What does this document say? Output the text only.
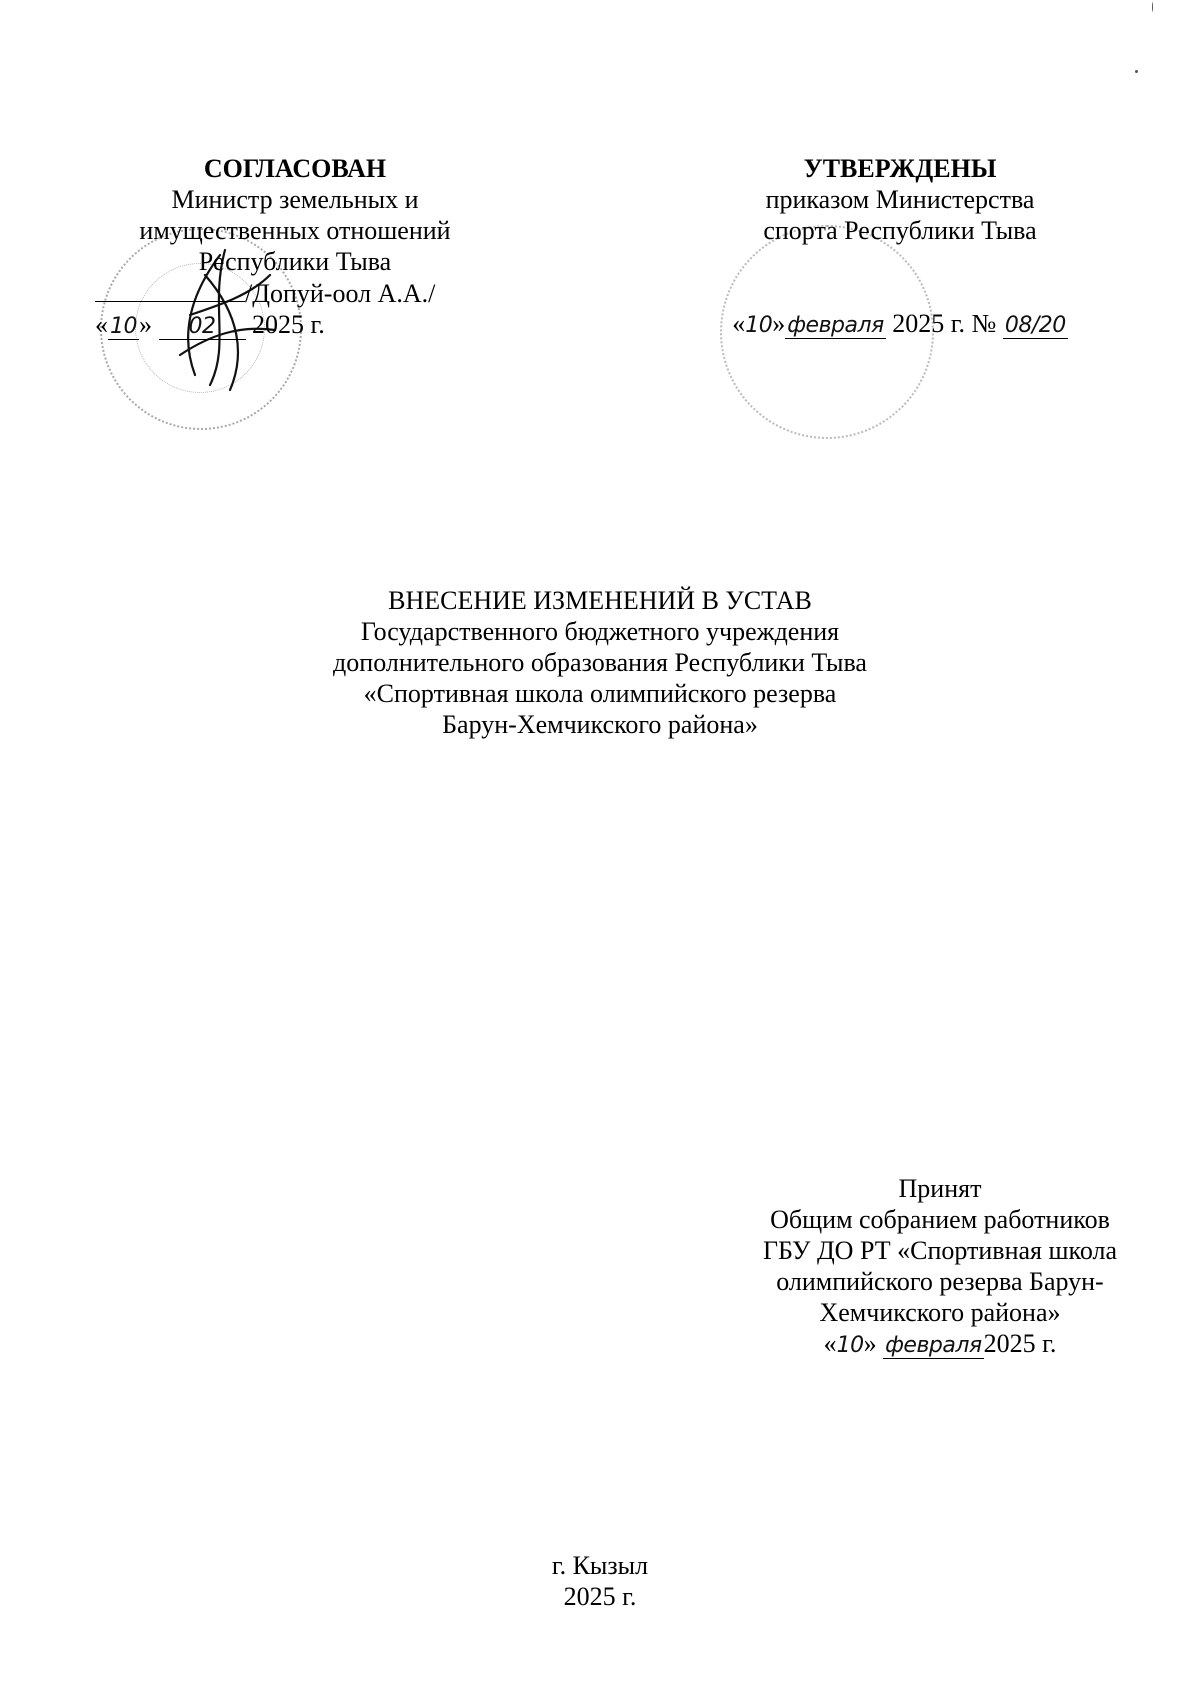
СОГЛАСОВАН
Министр земельных и
имущественных отношений
Республики Тыва
/Допуй-оол А.А./
«10» 02 2025 г.
УТВЕРЖДЕНЫ
приказом Министерства
спорта Республики Тыва
«10»февраля 2025 г. № 08/20
ВНЕСЕНИЕ ИЗМЕНЕНИЙ В УСТАВ
Государственного бюджетного учреждения
дополнительного образования Республики Тыва
«Спортивная школа олимпийского резерва
Барун-Хемчикского района»
Принят
Общим собранием работников
ГБУ ДО РТ «Спортивная школа
олимпийского резерва Барун-
Хемчикского района»
«10» февраля2025 г.
г. Кызыл
2025 г.
